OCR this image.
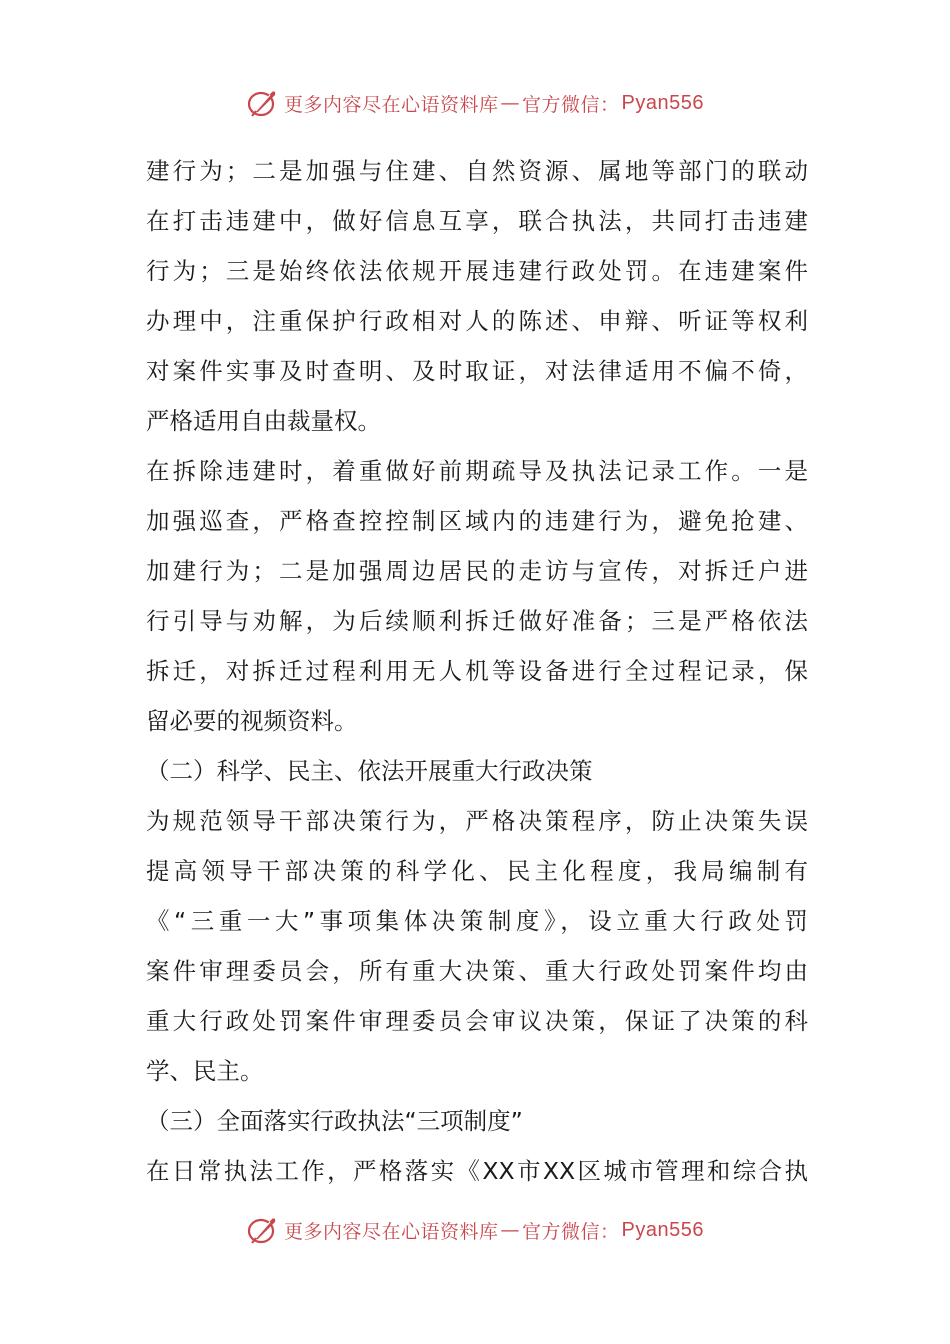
更多内容尽在心语资料库 — 官方微信： Pyan556
建行为；二是加强与住建、自然资源、属地等部门的联动
在打击违建中，做好信息互享，联合执法，共同打击违建
行为；三是始终依法依规开展违建行政处罚。在违建案件
办理中，注重保护行政相对人的陈述、申辩、听证等权利
对案件实事及时查明、及时取证，对法律适用不偏不倚，
严格适用自由裁量权。
在拆除违建时，着重做好前期疏导及执法记录工作。一是
加强巡查，严格查控控制区域内的违建行为，避免抢建、
加建行为；二是加强周边居民的走访与宣传，对拆迁户进
行引导与劝解，为后续顺利拆迁做好准备；三是严格依法
拆迁，对拆迁过程利用无人机等设备进行全过程记录，保
留必要的视频资料。
（二）科学、民主、依法开展重大行政决策
为规范领导干部决策行为，严格决策程序，防止决策失误
提高领导干部决策的科学化、民主化程度，我局编制有
《“三重一大”事项集体决策制度》，设立重大行政处罚
案件审理委员会，所有重大决策、重大行政处罚案件均由
重大行政处罚案件审理委员会审议决策，保证了决策的科
学、民主。
（三）全面落实行政执法“三项制度”
在日常执法工作，严格落实《XX市XX区城市管理和综合执
更多内容尽在心语资料库 — 官方微信： Pyan556
